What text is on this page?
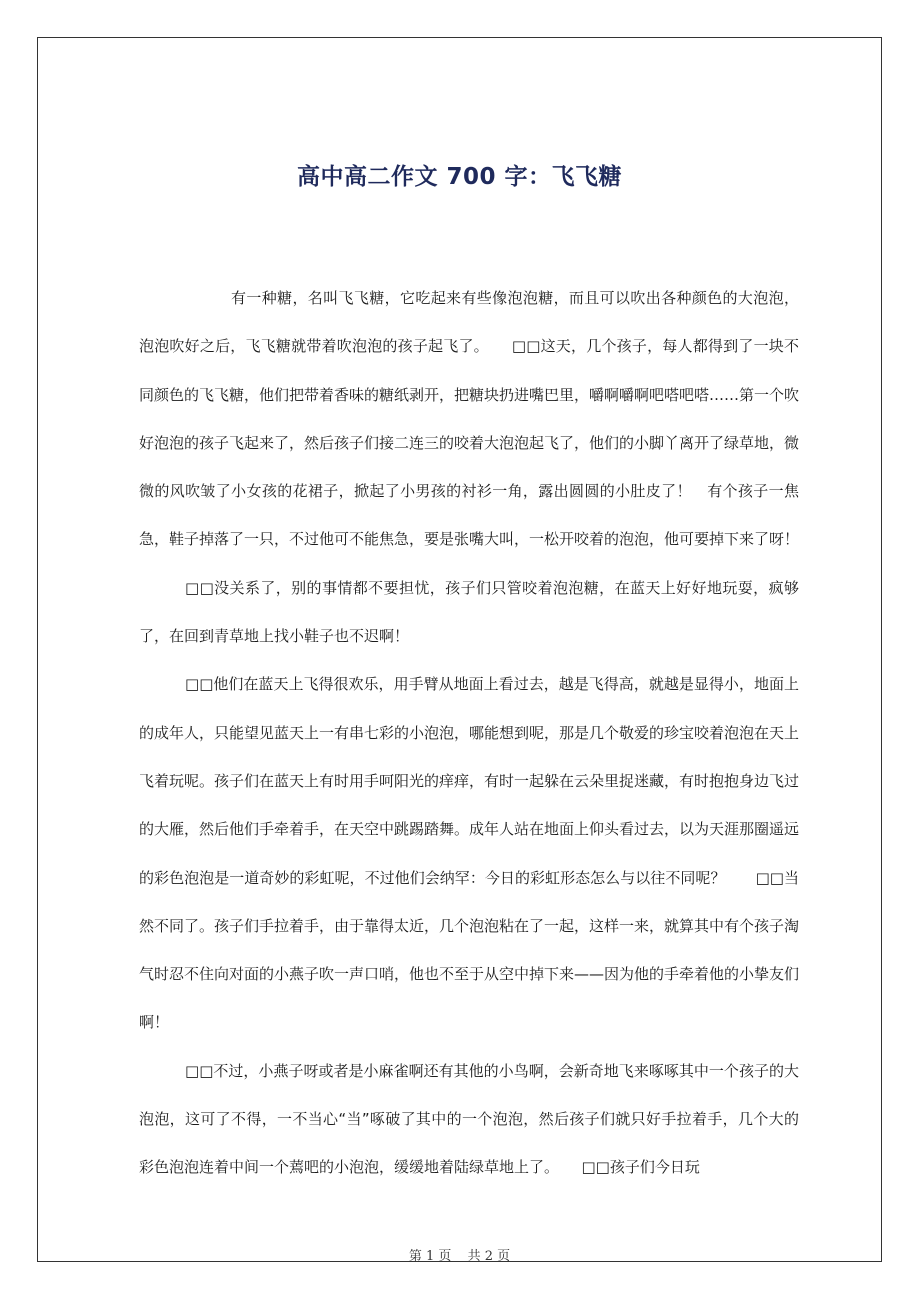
高中高二作文 700 字：飞飞糖

有一种糖，名叫飞飞糖，它吃起来有些像泡泡糖，而且可以吹出各种颜色的大泡泡，泡泡吹好之后，飞飞糖就带着吹泡泡的孩子起飞了。　　□□这天，几个孩子，每人都得到了一块不同颜色的飞飞糖，他们把带着香味的糖纸剥开，把糖块扔进嘴巴里，嚼啊嚼啊吧嗒吧嗒……第一个吹好泡泡的孩子飞起来了，然后孩子们接二连三的咬着大泡泡起飞了，他们的小脚丫离开了绿草地，微微的风吹皱了小女孩的花裙子，掀起了小男孩的衬衫一角，露出圆圆的小肚皮了！　有个孩子一焦急，鞋子掉落了一只，不过他可不能焦急，要是张嘴大叫，一松开咬着的泡泡，他可要掉下来了呀！

□□没关系了，别的事情都不要担忧，孩子们只管咬着泡泡糖，在蓝天上好好地玩耍，疯够了，在回到青草地上找小鞋子也不迟啊！

□□他们在蓝天上飞得很欢乐，用手臂从地面上看过去，越是飞得高，就越是显得小，地面上的成年人，只能望见蓝天上一有串七彩的小泡泡，哪能想到呢，那是几个敬爱的珍宝咬着泡泡在天上飞着玩呢。孩子们在蓝天上有时用手呵阳光的痒痒，有时一起躲在云朵里捉迷藏，有时抱抱身边飞过的大雁，然后他们手牵着手，在天空中跳踢踏舞。成年人站在地面上仰头看过去，以为天涯那圈遥远的彩色泡泡是一道奇妙的彩虹呢，不过他们会纳罕：今日的彩虹形态怎么与以往不同呢？　　□□当然不同了。孩子们手拉着手，由于靠得太近，几个泡泡粘在了一起，这样一来，就算其中有个孩子淘气时忍不住向对面的小燕子吹一声口哨，他也不至于从空中掉下来——因为他的手牵着他的小挚友们啊！

□□不过，小燕子呀或者是小麻雀啊还有其他的小鸟啊，会新奇地飞来啄啄其中一个孩子的大泡泡，这可了不得，一不当心“当”啄破了其中的一个泡泡，然后孩子们就只好手拉着手，几个大的彩色泡泡连着中间一个蔫吧的小泡泡，缓缓地着陆绿草地上了。　　□□孩子们今日玩

第 1 页 共 2 页
